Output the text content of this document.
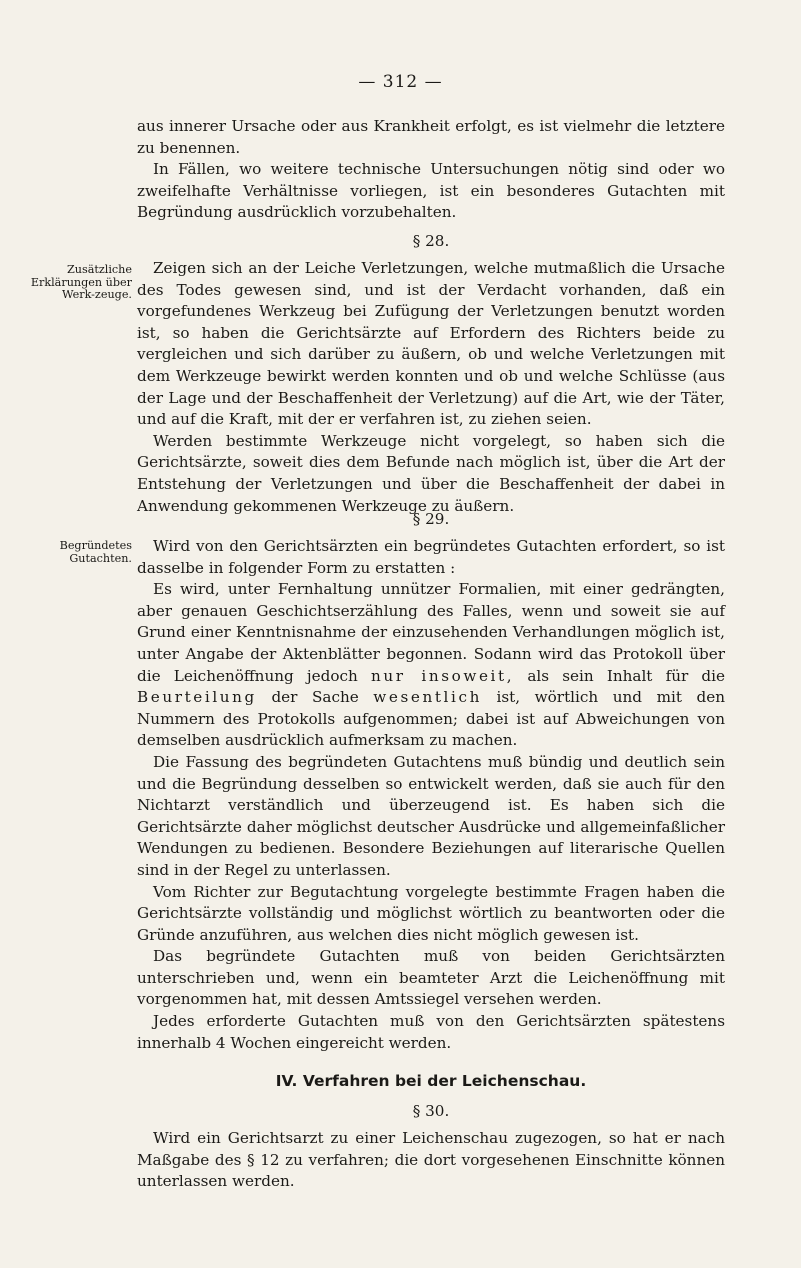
— 312 —

aus innerer Ursache oder aus Krankheit erfolgt, es ist vielmehr die letztere zu benennen.

In Fällen, wo weitere technische Untersuchungen nötig sind oder wo zweifelhafte Verhältnisse vorliegen, ist ein besonderes Gutachten mit Begründung ausdrücklich vorzubehalten.

§ 28.
Zusätzliche Erklärungen über Werk-zeuge.

Zeigen sich an der Leiche Verletzungen, welche mutmaßlich die Ursache des Todes gewesen sind, und ist der Verdacht vorhanden, daß ein vorgefundenes Werkzeug bei Zufügung der Verletzungen benutzt worden ist, so haben die Gerichtsärzte auf Erfordern des Richters beide zu vergleichen und sich darüber zu äußern, ob und welche Verletzungen mit dem Werkzeuge bewirkt werden konnten und ob und welche Schlüsse (aus der Lage und der Beschaffenheit der Verletzung) auf die Art, wie der Täter, und auf die Kraft, mit der er verfahren ist, zu ziehen seien.

Werden bestimmte Werkzeuge nicht vorgelegt, so haben sich die Gerichtsärzte, soweit dies dem Befunde nach möglich ist, über die Art der Entstehung der Verletzungen und über die Beschaffenheit der dabei in Anwendung gekommenen Werkzeuge zu äußern.

§ 29.
Begründetes Gutachten.

Wird von den Gerichtsärzten ein begründetes Gutachten erfordert, so ist dasselbe in folgender Form zu erstatten :

Es wird, unter Fernhaltung unnützer Formalien, mit einer gedrängten, aber genauen Geschichtserzählung des Falles, wenn und soweit sie auf Grund einer Kenntnisnahme der einzusehenden Verhandlungen möglich ist, unter Angabe der Aktenblätter begonnen. Sodann wird das Protokoll über die Leichenöffnung jedoch nur insoweit, als sein Inhalt für die Beurteilung der Sache wesentlich ist, wörtlich und mit den Nummern des Protokolls aufgenommen; dabei ist auf Abweichungen von demselben ausdrücklich aufmerksam zu machen.

Die Fassung des begründeten Gutachtens muß bündig und deutlich sein und die Begründung desselben so entwickelt werden, daß sie auch für den Nichtarzt verständlich und überzeugend ist. Es haben sich die Gerichtsärzte daher möglichst deutscher Ausdrücke und allgemeinfaßlicher Wendungen zu bedienen. Besondere Beziehungen auf literarische Quellen sind in der Regel zu unterlassen.

Vom Richter zur Begutachtung vorgelegte bestimmte Fragen haben die Gerichtsärzte vollständig und möglichst wörtlich zu beantworten oder die Gründe anzuführen, aus welchen dies nicht möglich gewesen ist.

Das begründete Gutachten muß von beiden Gerichtsärzten unterschrieben und, wenn ein beamteter Arzt die Leichenöffnung mit vorgenommen hat, mit dessen Amtssiegel versehen werden.

Jedes erforderte Gutachten muß von den Gerichtsärzten spätestens innerhalb 4 Wochen eingereicht werden.

IV. Verfahren bei der Leichenschau.
§ 30.

Wird ein Gerichtsarzt zu einer Leichenschau zugezogen, so hat er nach Maßgabe des § 12 zu verfahren; die dort vorgesehenen Einschnitte können unterlassen werden.
